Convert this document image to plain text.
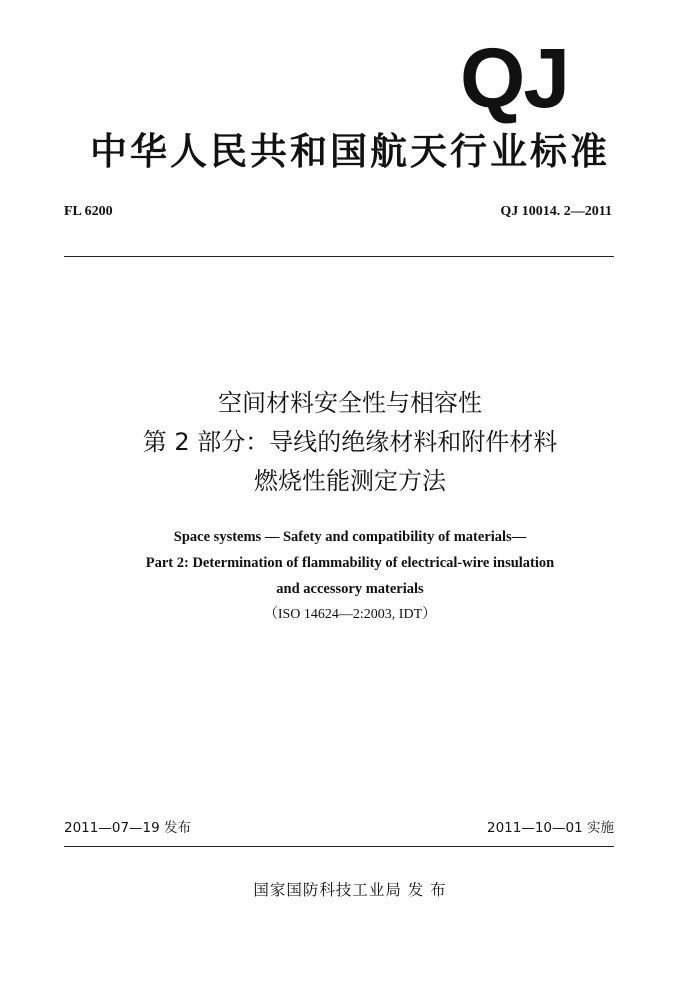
QJ
中华人民共和国航天行业标准
FL 6200	QJ 10014. 2—2011
空间材料安全性与相容性
第 2 部分：导线的绝缘材料和附件材料
燃烧性能测定方法
Space systems — Safety and compatibility of materials—
Part 2: Determination of flammability of electrical-wire insulation
and accessory materials
（ISO 14624—2:2003, IDT）
2011—07—19 发布	2011—10—01 实施
国家国防科技工业局 发 布
